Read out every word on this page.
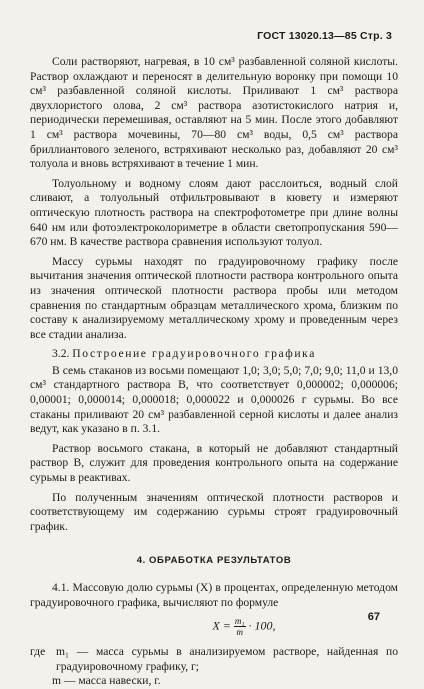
ГОСТ 13020.13—85 Стр. 3

Соли растворяют, нагревая, в 10 см³ разбавленной соляной кислоты. Раствор охлаждают и переносят в делительную воронку при помощи 10 см³ разбавленной соляной кислоты. Приливают 1 см³ раствора двухлористого олова, 2 см³ раствора азотистокислого натрия и, периодически перемешивая, оставляют на 5 мин. После этого добавляют 1 см³ раствора мочевины, 70—80 см³ воды, 0,5 см³ раствора бриллиантового зеленого, встряхивают несколько раз, добавляют 20 см³ толуола и вновь встряхивают в течение 1 мин.

Толуольному и водному слоям дают расслоиться, водный слой сливают, а толуольный отфильтровывают в кювету и измеряют оптическую плотность раствора на спектрофотометре при длине волны 640 нм или фотоэлектроколориметре в области светопропускания 590—670 нм. В качестве раствора сравнения используют толуол.

Массу сурьмы находят по градуировочному графику после вычитания значения оптической плотности раствора контрольного опыта из значения оптической плотности раствора пробы или методом сравнения по стандартным образцам металлического хрома, близким по составу к анализируемому металлическому хрому и проведенным через все стадии анализа.

3.2. Построение градуировочного графика

В семь стаканов из восьми помещают 1,0; 3,0; 5,0; 7,0; 9,0; 11,0 и 13,0 см³ стандартного раствора В, что соответствует 0,000002; 0,000006; 0,00001; 0,000014; 0,000018; 0,000022 и 0,000026 г сурьмы. Во все стаканы приливают 20 см³ разбавленной серной кислоты и далее анализ ведут, как указано в п. 3.1.

Раствор восьмого стакана, в который не добавляют стандартный раствор В, служит для проведения контрольного опыта на содержание сурьмы в реактивах.

По полученным значениям оптической плотности растворов и соответствующему им содержанию сурьмы строят градуировочный график.

4. ОБРАБОТКА РЕЗУЛЬТАТОВ

4.1. Массовую долю сурьмы (X) в процентах, определенную методом градуировочного графика, вычисляют по формуле

$X = \frac{\text{m₁}}{m} \cdot 100$,
где m₁ — масса сурьмы в анализируемом растворе, найденная по градуировочному графику, г;
m — масса навески, г.
67
